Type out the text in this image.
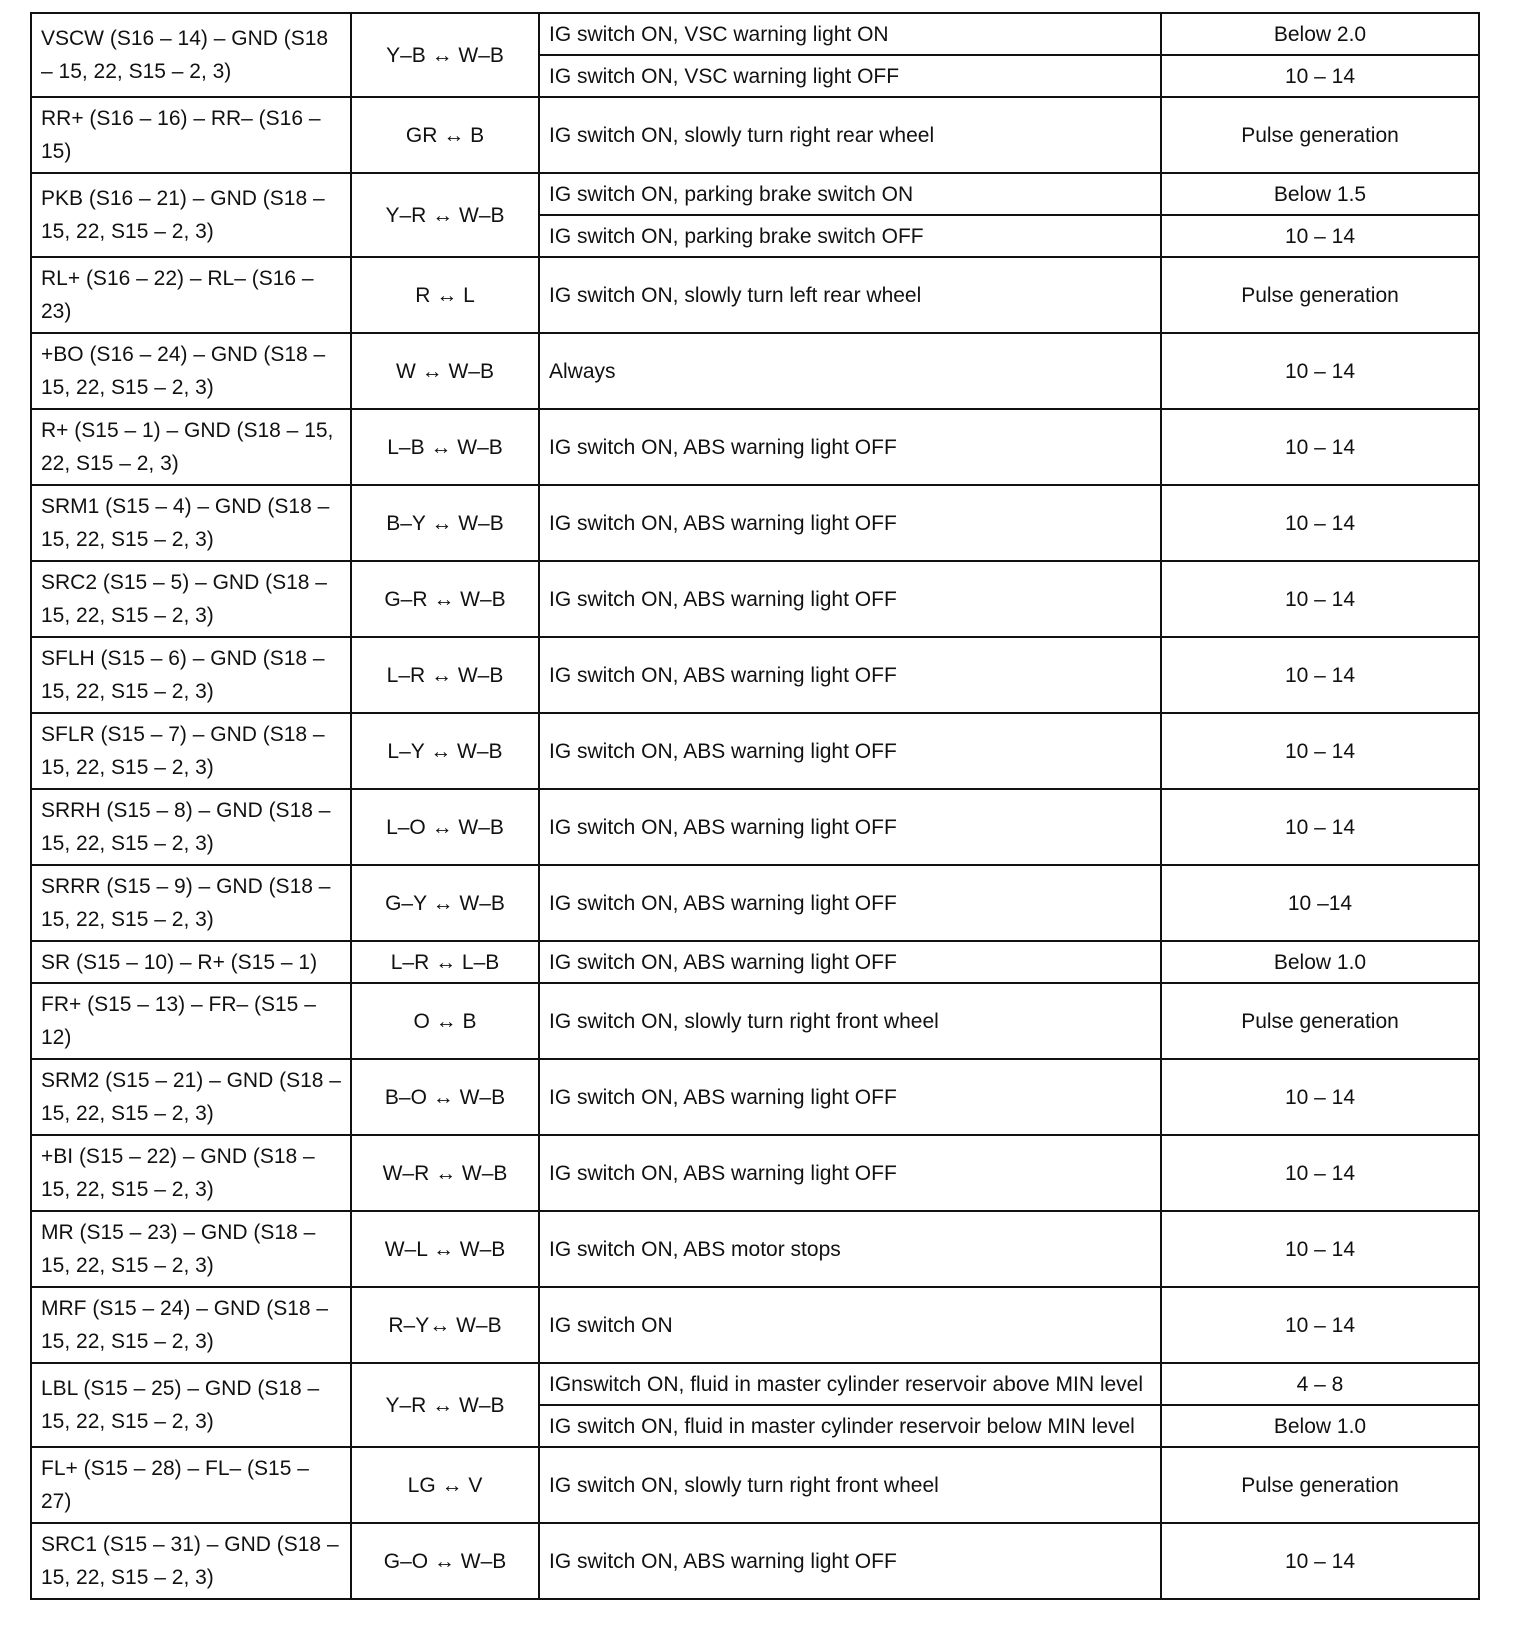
VSCW (S16 – 14) – GND (S18 – 15, 22, S15 – 2, 3)	Y–B ↔ W–B	IG switch ON, VSC warning light ON	Below 2.0
		IG switch ON, VSC warning light OFF	10 – 14
RR+ (S16 – 16) – RR– (S16 – 15)	GR ↔ B	IG switch ON, slowly turn right rear wheel	Pulse generation
PKB (S16 – 21) – GND (S18 – 15, 22, S15 – 2, 3)	Y–R ↔ W–B	IG switch ON, parking brake switch ON	Below 1.5
		IG switch ON, parking brake switch OFF	10 – 14
RL+ (S16 – 22) – RL– (S16 – 23)	R ↔ L	IG switch ON, slowly turn left rear wheel	Pulse generation
+BO (S16 – 24) – GND (S18 – 15, 22, S15 – 2, 3)	W ↔ W–B	Always	10 – 14
R+ (S15 – 1) – GND (S18 – 15, 22, S15 – 2, 3)	L–B ↔ W–B	IG switch ON, ABS warning light OFF	10 – 14
SRM1 (S15 – 4) – GND (S18 – 15, 22, S15 – 2, 3)	B–Y ↔ W–B	IG switch ON, ABS warning light OFF	10 – 14
SRC2 (S15 – 5) – GND (S18 – 15, 22, S15 – 2, 3)	G–R ↔ W–B	IG switch ON, ABS warning light OFF	10 – 14
SFLH (S15 – 6) – GND (S18 – 15, 22, S15 – 2, 3)	L–R ↔ W–B	IG switch ON, ABS warning light OFF	10 – 14
SFLR (S15 – 7) – GND (S18 – 15, 22, S15 – 2, 3)	L–Y ↔ W–B	IG switch ON, ABS warning light OFF	10 – 14
SRRH (S15 – 8) – GND (S18 – 15, 22, S15 – 2, 3)	L–O ↔ W–B	IG switch ON, ABS warning light OFF	10 – 14
SRRR (S15 – 9) – GND (S18 – 15, 22, S15 – 2, 3)	G–Y ↔ W–B	IG switch ON, ABS warning light OFF	10 –14
SR (S15 – 10) – R+ (S15 – 1)	L–R ↔ L–B	IG switch ON, ABS warning light OFF	Below 1.0
FR+ (S15 – 13) – FR– (S15 – 12)	O ↔ B	IG switch ON, slowly turn right front wheel	Pulse generation
SRM2 (S15 – 21) – GND (S18 – 15, 22, S15 – 2, 3)	B–O ↔ W–B	IG switch ON, ABS warning light OFF	10 – 14
+BI (S15 – 22) – GND (S18 – 15, 22, S15 – 2, 3)	W–R ↔ W–B	IG switch ON, ABS warning light OFF	10 – 14
MR (S15 – 23) – GND (S18 – 15, 22, S15 – 2, 3)	W–L ↔ W–B	IG switch ON, ABS motor stops	10 – 14
MRF (S15 – 24) – GND (S18 – 15, 22, S15 – 2, 3)	R–Y↔ W–B	IG switch ON	10 – 14
LBL (S15 – 25) – GND (S18 – 15, 22, S15 – 2, 3)	Y–R ↔ W–B	IGnswitch ON, fluid in master cylinder reservoir above MIN level	4 – 8
		IG switch ON, fluid in master cylinder reservoir below MIN level	Below 1.0
FL+ (S15 – 28) – FL– (S15 – 27)	LG ↔ V	IG switch ON, slowly turn right front wheel	Pulse generation
SRC1 (S15 – 31) – GND (S18 – 15, 22, S15 – 2, 3)	G–O ↔ W–B	IG switch ON, ABS warning light OFF	10 – 14
